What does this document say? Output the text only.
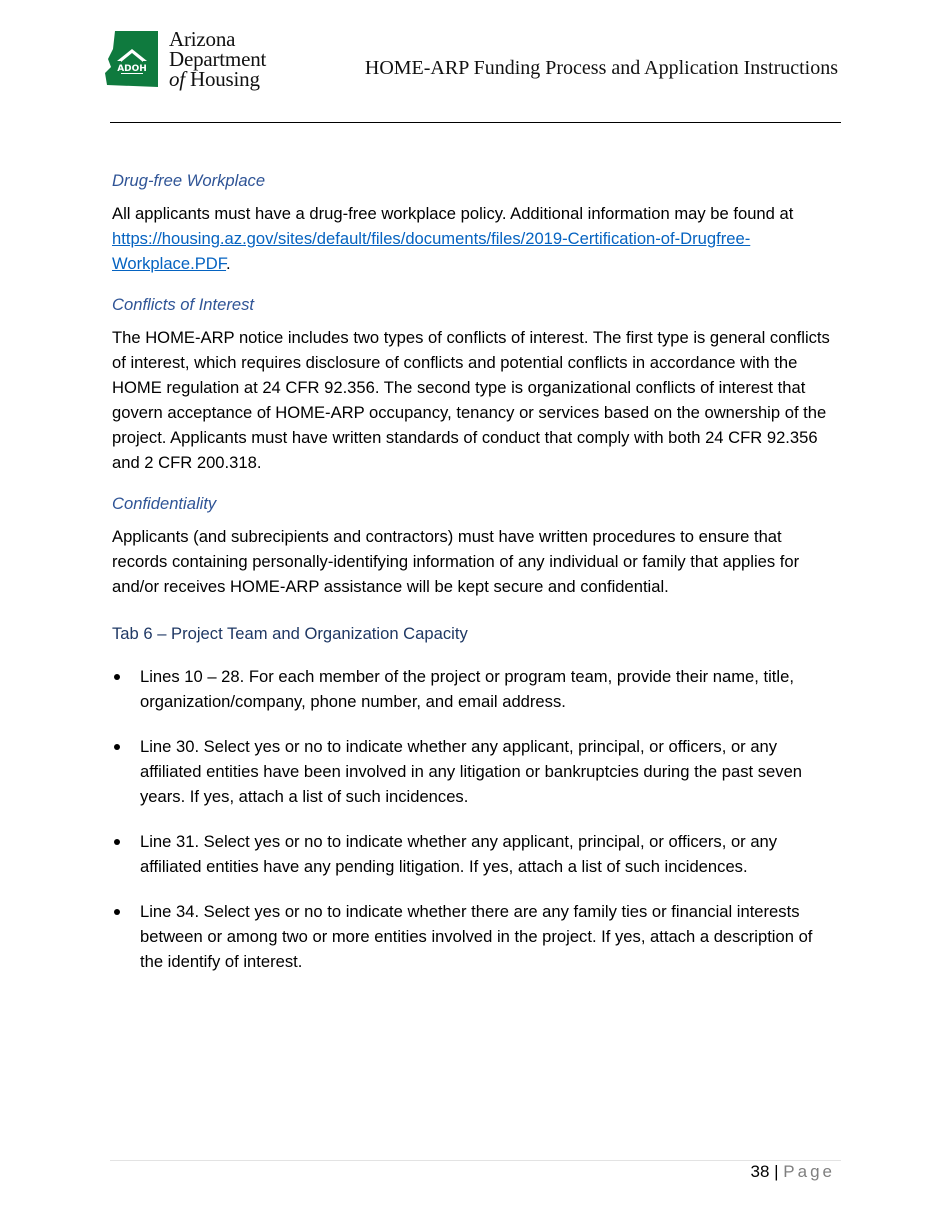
ADOH
Arizona
Department
of Housing	HOME-ARP Funding Process and Application Instructions
Drug-free Workplace

All applicants must have a drug-free workplace policy. Additional information may be found at https://housing.az.gov/sites/default/files/documents/files/2019-Certification-of-Drugfree-Workplace.PDF.

Conflicts of Interest

The HOME-ARP notice includes two types of conflicts of interest. The first type is general conflicts of interest, which requires disclosure of conflicts and potential conflicts in accordance with the HOME regulation at 24 CFR 92.356. The second type is organizational conflicts of interest that govern acceptance of HOME-ARP occupancy, tenancy or services based on the ownership of the project. Applicants must have written standards of conduct that comply with both 24 CFR 92.356 and 2 CFR 200.318.

Confidentiality

Applicants (and subrecipients and contractors) must have written procedures to ensure that records containing personally-identifying information of any individual or family that applies for and/or receives HOME-ARP assistance will be kept secure and confidential.

Tab 6 – Project Team and Organization Capacity
Lines 10 – 28. For each member of the project or program team, provide their name, title, organization/company, phone number, and email address.
Line 30. Select yes or no to indicate whether any applicant, principal, or officers, or any affiliated entities have been involved in any litigation or bankruptcies during the past seven years. If yes, attach a list of such incidences.
Line 31. Select yes or no to indicate whether any applicant, principal, or officers, or any affiliated entities have any pending litigation. If yes, attach a list of such incidences.
Line 34. Select yes or no to indicate whether there are any family ties or financial interests between or among two or more entities involved in the project. If yes, attach a description of the identify of interest.
38 | Page
